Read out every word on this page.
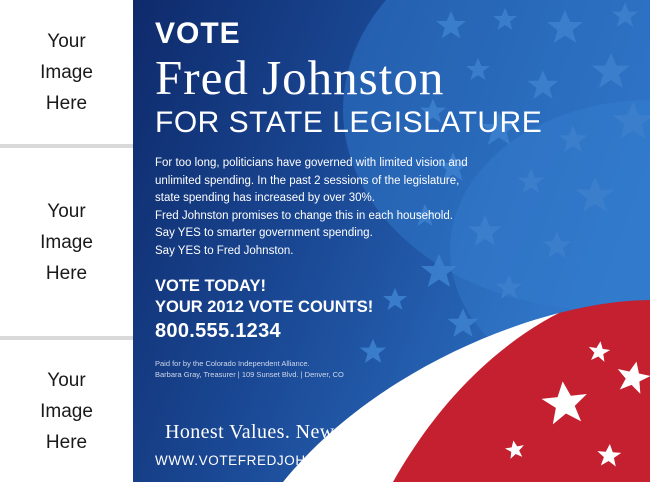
Your
Image
Here
Your
Image
Here
Your
Image
Here
VOTE
Fred Johnston
FOR STATE LEGISLATURE
For too long, politicians have governed with limited vision and
unlimited spending. In the past 2 sessions of the legislature,
state spending has increased by over 30%.
Fred Johnston promises to change this in each household.
Say YES to smarter government spending.
Say YES to Fred Johnston.
VOTE TODAY!
YOUR 2012 VOTE COUNTS!
800.555.1234
Paid for by the Colorado Independent Alliance.
Barbara Gray, Treasurer | 109 Sunset Blvd. | Denver, CO
Honest Values. New Vision.
WWW.VOTEFREDJOHNSTON.COM
